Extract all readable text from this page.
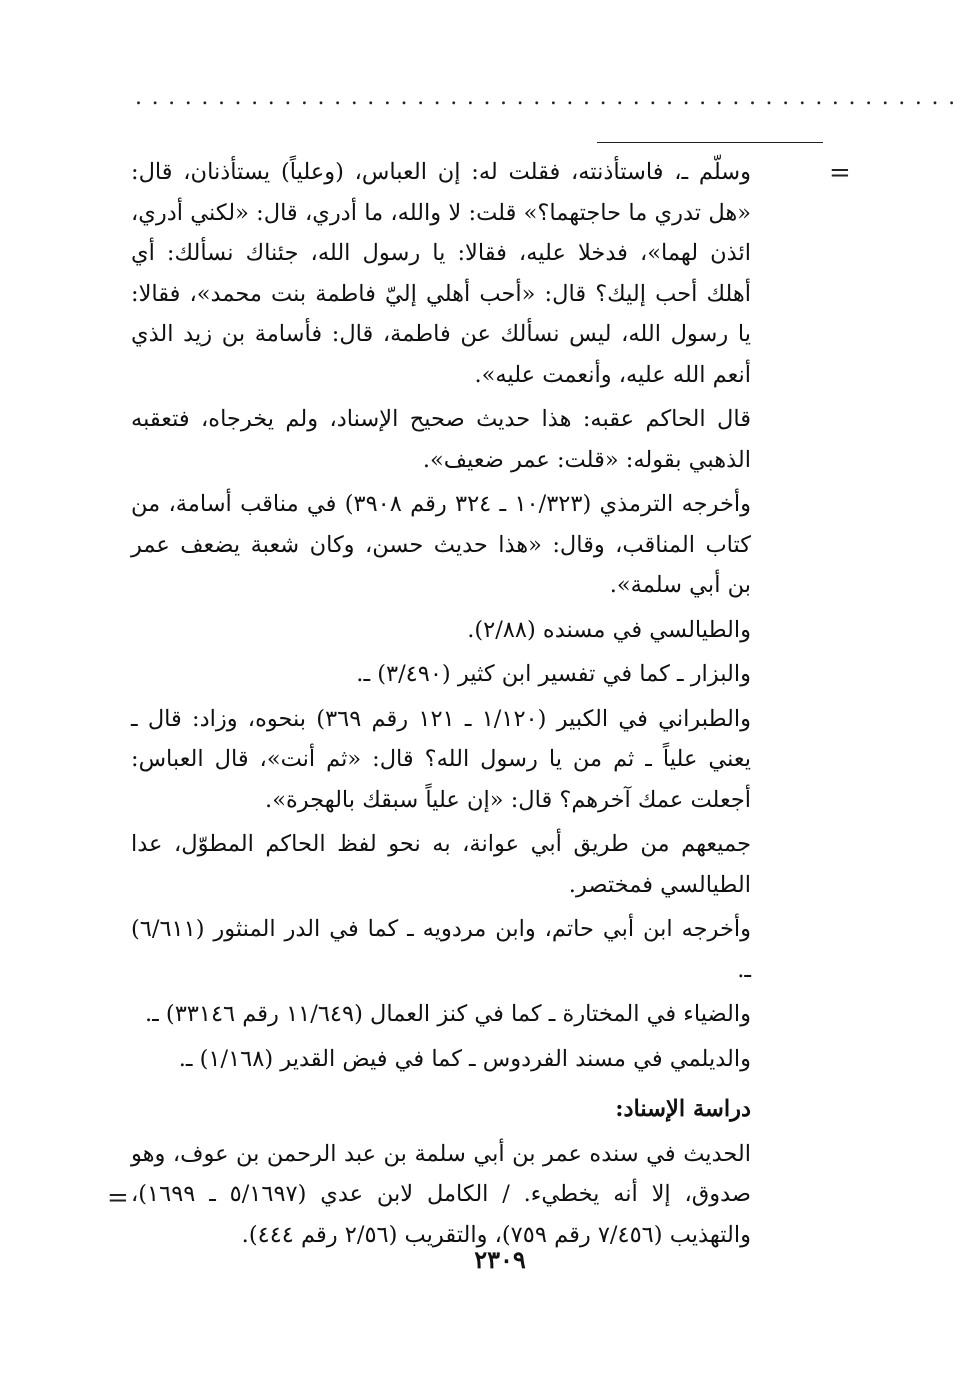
..................................................
=

وسلّم ـ، فاستأذنته، فقلت له: إن العباس، (وعلياً) يستأذنان، قال: «هل تدري ما حاجتهما؟» قلت: لا والله، ما أدري، قال: «لكني أدري، ائذن لهما»، فدخلا عليه، فقالا: يا رسول الله، جئناك نسألك: أي أهلك أحب إليك؟ قال: «أحب أهلي إليّ فاطمة بنت محمد»، فقالا: يا رسول الله، ليس نسألك عن فاطمة، قال: فأسامة بن زيد الذي أنعم الله عليه، وأنعمت عليه».

قال الحاكم عقبه: هذا حديث صحيح الإسناد، ولم يخرجاه، فتعقبه الذهبي بقوله: «قلت: عمر ضعيف».

وأخرجه الترمذي (١٠/٣٢٣ ـ ٣٢٤ رقم ٣٩٠٨) في مناقب أسامة، من كتاب المناقب، وقال: «هذا حديث حسن، وكان شعبة يضعف عمر بن أبي سلمة».

والطيالسي في مسنده (٢/٨٨).

والبزار ـ كما في تفسير ابن كثير (٣/٤٩٠) ـ.

والطبراني في الكبير (١/١٢٠ ـ ١٢١ رقم ٣٦٩) بنحوه، وزاد: قال ـ يعني علياً ـ ثم من يا رسول الله؟ قال: «ثم أنت»، قال العباس: أجعلت عمك آخرهم؟ قال: «إن علياً سبقك بالهجرة».

جميعهم من طريق أبي عوانة، به نحو لفظ الحاكم المطوّل، عدا الطيالسي فمختصر.

وأخرجه ابن أبي حاتم، وابن مردويه ـ كما في الدر المنثور (٦/٦١١) ـ.

والضياء في المختارة ـ كما في كنز العمال (١١/٦٤٩ رقم ٣٣١٤٦) ـ.

والديلمي في مسند الفردوس ـ كما في فيض القدير (١/١٦٨) ـ.

دراسة الإسناد:

الحديث في سنده عمر بن أبي سلمة بن عبد الرحمن بن عوف، وهو صدوق، إلا أنه يخطيء. / الكامل لابن عدي (٥/١٦٩٧ ـ ١٦٩٩)، والتهذيب (٧/٤٥٦ رقم ٧٥٩)، والتقريب (٢/٥٦ رقم ٤٤٤).

=
٢٣٠٩
